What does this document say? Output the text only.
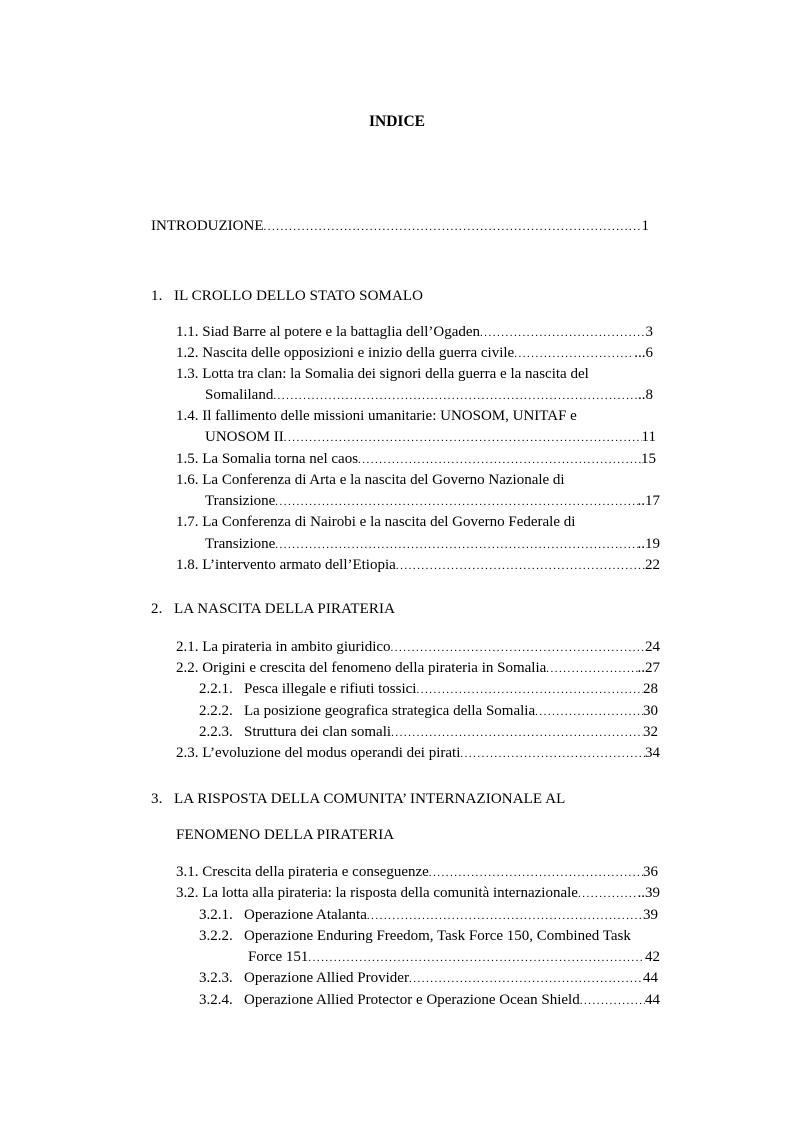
INDICE
INTRODUZIONE .....	1
1. IL CROLLO DELLO STATO SOMALO
1.1.
Siad Barre al potere e la battaglia dell’Ogaden .....	3
1.2.
Nascita delle opposizioni e inizio della guerra civile .....	...6
1.3. Lotta tra clan: la Somalia dei signori della guerra e la nascita del
Somaliland .....	..8
1.4. Il fallimento delle missioni umanitarie: UNOSOM, UNITAF e
UNOSOM II .....	11
1.5.
La Somalia torna nel caos .....	15
1.6. La Conferenza di Arta e la nascita del Governo Nazionale di
Transizione .....	..17
1.7. La Conferenza di Nairobi e la nascita del Governo Federale di
Transizione .....	..19
1.8.
L’intervento armato dell’Etiopia .....	22
2. LA NASCITA DELLA PIRATERIA
2.1.
La pirateria in ambito giuridico .....	24
2.2.
Origini e crescita del fenomeno della pirateria in Somalia .....	..27
2.2.1.
Pesca illegale e rifiuti tossici .....	28
2.2.2.
La posizione geografica strategica della Somalia .....	30
2.2.3.
Struttura dei clan somali .....	32
2.3.
L’evoluzione del modus operandi dei pirati .....	34
3. LA RISPOSTA DELLA COMUNITA’ INTERNAZIONALE AL
FENOMENO DELLA PIRATERIA
3.1.
Crescita della pirateria e conseguenze .....	36
3.2.
La lotta alla pirateria: la risposta della comunità internazionale .....	..39
3.2.1.
Operazione Atalanta .....	39
3.2.2. Operazione Enduring Freedom, Task Force 150, Combined Task
Force 151 .....	42
3.2.3.
Operazione Allied Provider .....	44
3.2.4.
Operazione Allied Protector e Operazione Ocean Shield .....	44
